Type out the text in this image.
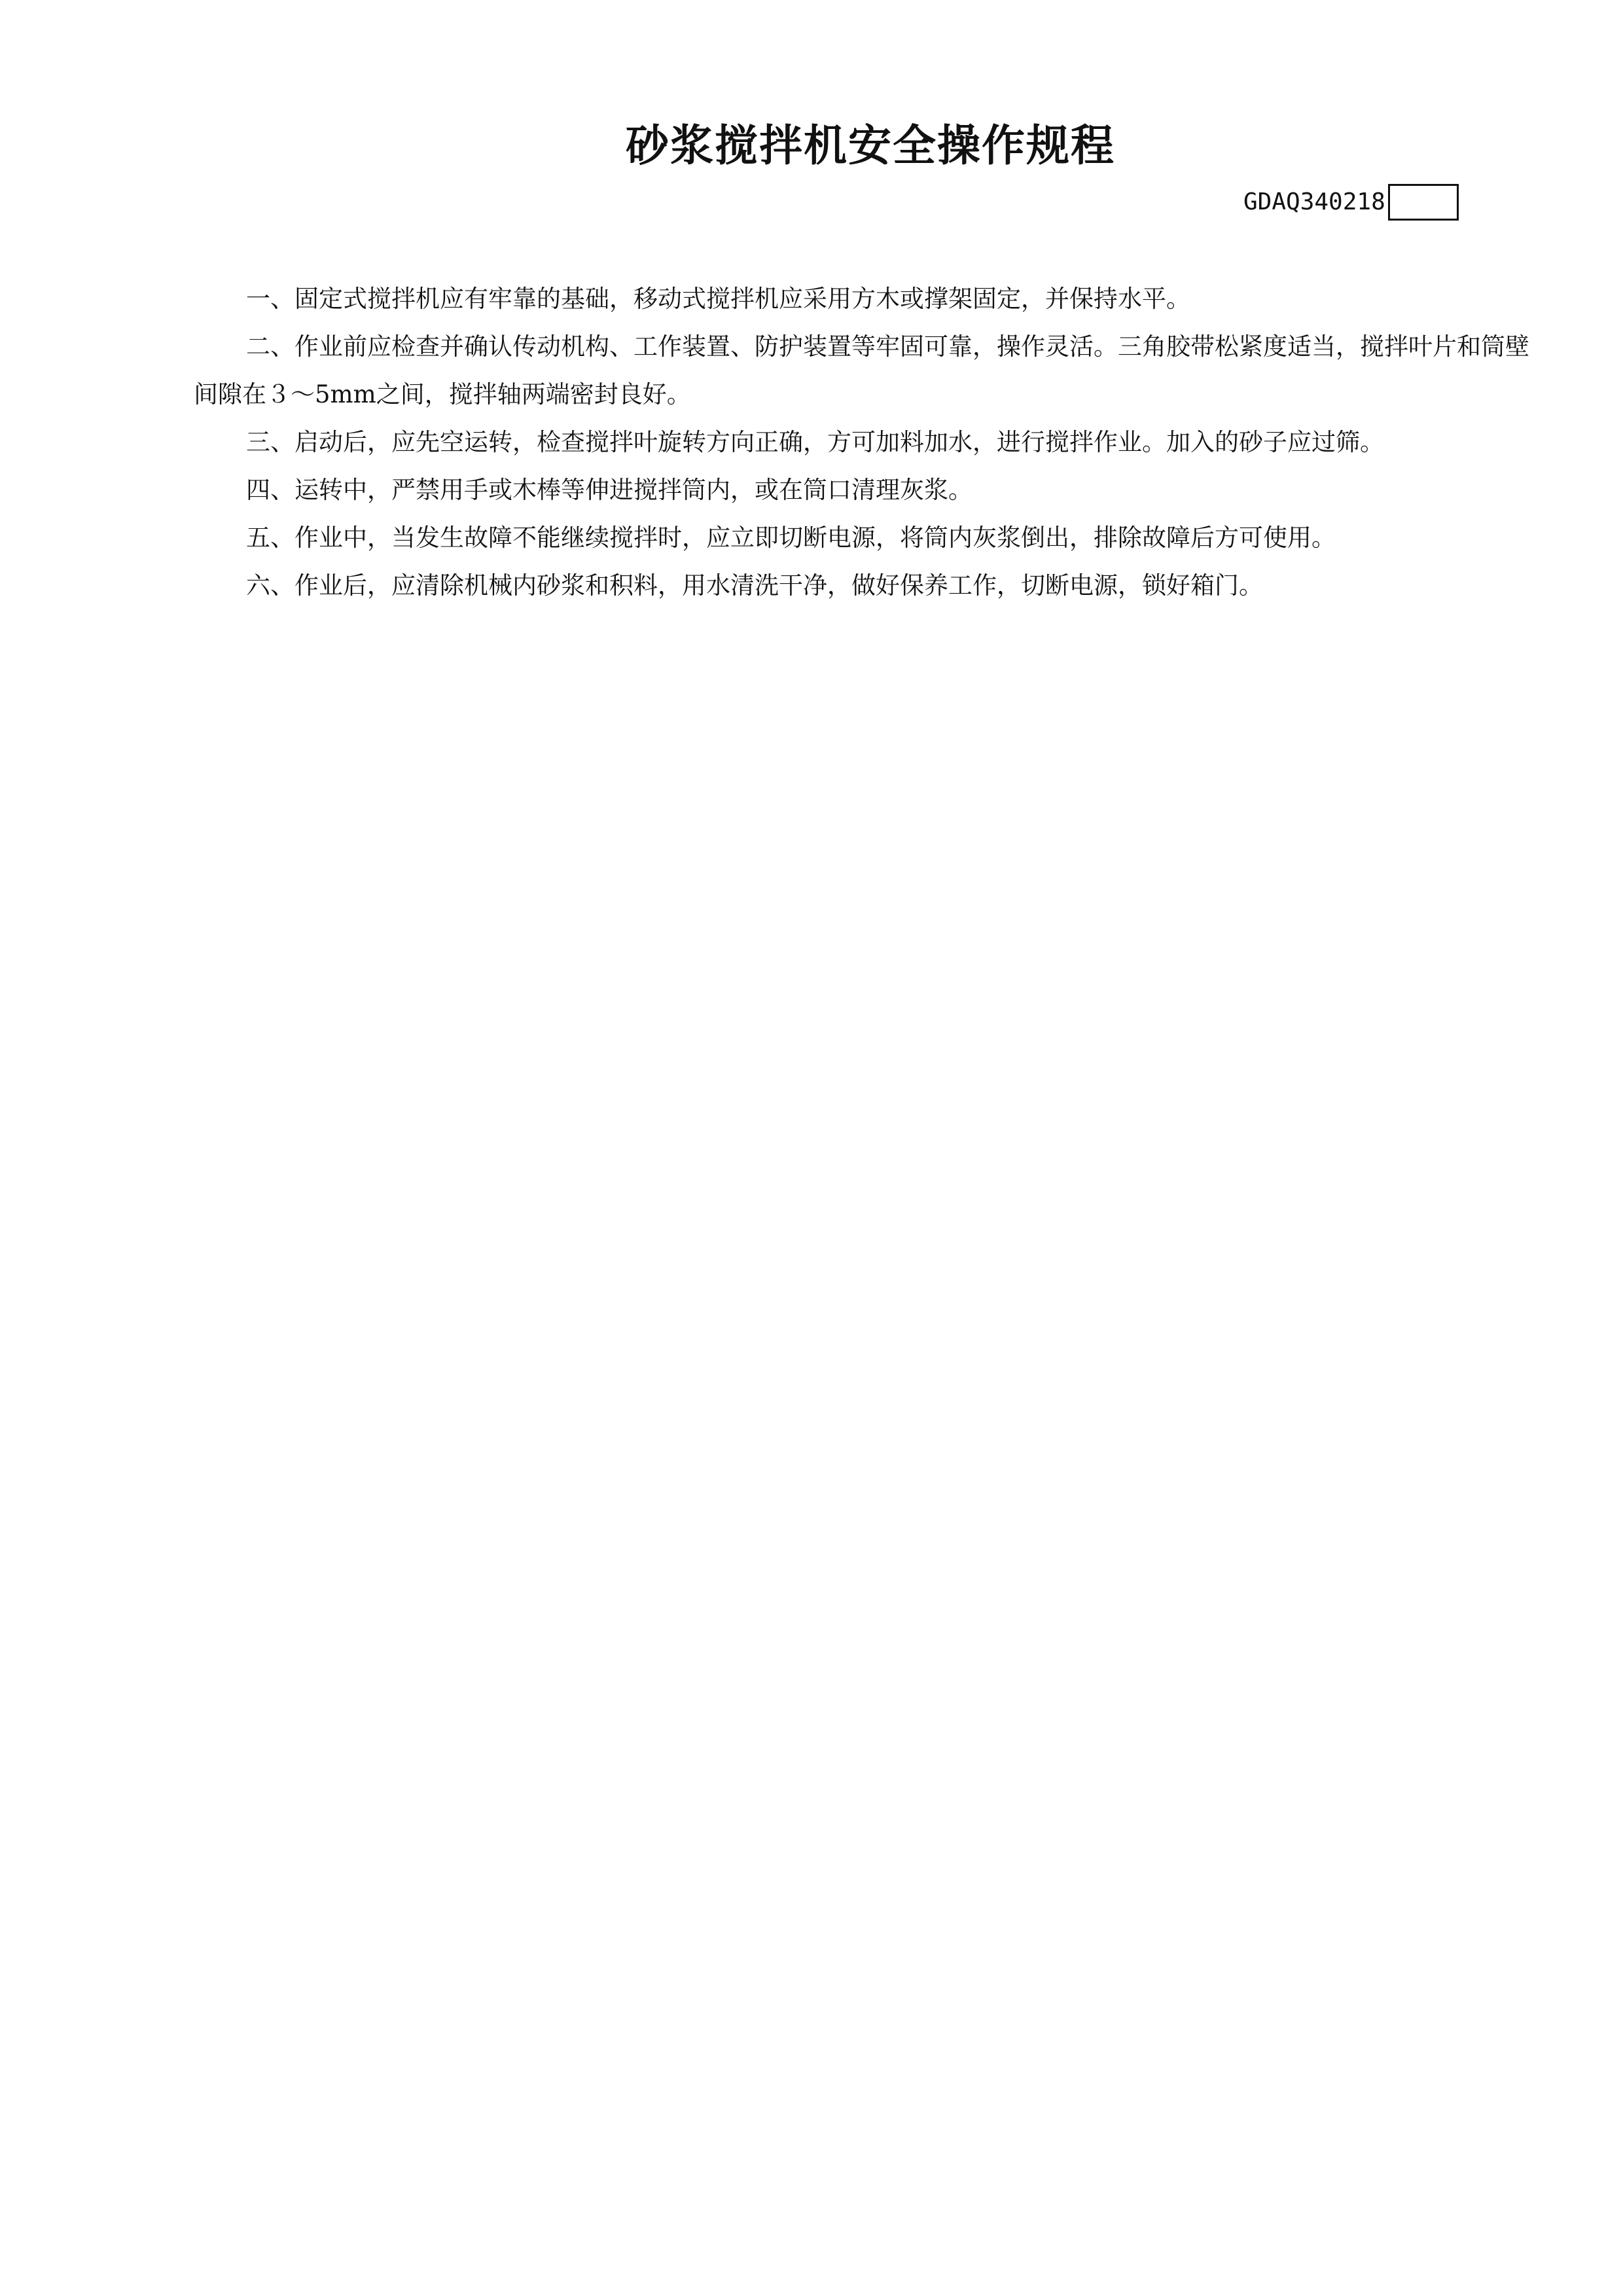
砂浆搅拌机安全操作规程
GDAQ340218

一、固定式搅拌机应有牢靠的基础，移动式搅拌机应采用方木或撑架固定，并保持水平。

二、作业前应检查并确认传动机构、工作装置、防护装置等牢固可靠，操作灵活。三角胶带松紧度适当，搅拌叶片和筒壁间隙在３～5mm之间，搅拌轴两端密封良好。

三、启动后，应先空运转，检查搅拌叶旋转方向正确，方可加料加水，进行搅拌作业。加入的砂子应过筛。

四、运转中，严禁用手或木棒等伸进搅拌筒内，或在筒口清理灰浆。

五、作业中，当发生故障不能继续搅拌时，应立即切断电源，将筒内灰浆倒出，排除故障后方可使用。

六、作业后，应清除机械内砂浆和积料，用水清洗干净，做好保养工作，切断电源，锁好箱门。
